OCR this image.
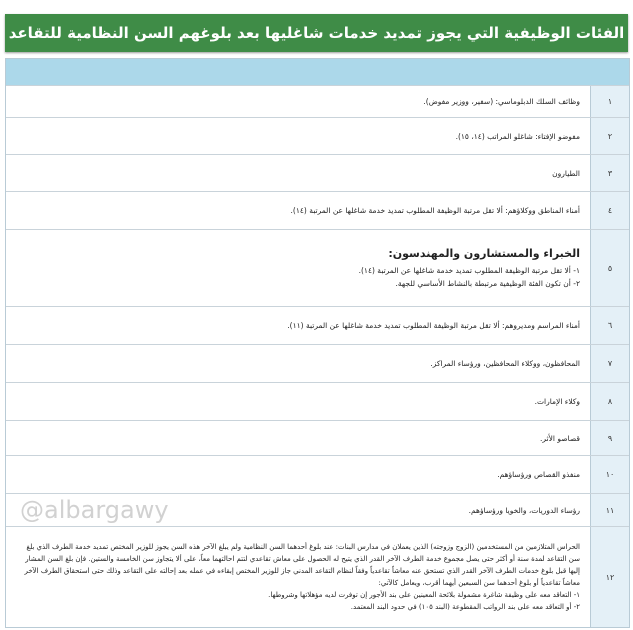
الفئات الوظيفية التي يجوز تمديد خدمات شاغليها بعد بلوغهم السن النظامية للتقاعد
١
وظائف السلك الدبلوماسي: (سفير، ووزير مفوض).
٢
مفوضو الإفتاء: شاغلو المراتب (١٤، ١٥).
٣
الطيارون
٤
أمناء المناطق ووكلاؤهم: ألا تقل مرتبة الوظيفة المطلوب تمديد خدمة شاغلها عن المرتبة (١٤).
٥

الخبراء والمستشارون والمهندسون:

١- ألا تقل مرتبة الوظيفة المطلوب تمديد خدمة شاغلها عن المرتبة (١٤).

٢- أن تكون الفئة الوظيفية مرتبطة بالنشاط الأساسي للجهة.

٦
أمناء المراسم ومديروهم: ألا تقل مرتبة الوظيفة المطلوب تمديد خدمة شاغلها عن المرتبة (١١).
٧
المحافظون، ووكلاء المحافظين، ورؤساء المراكز.
٨
وكلاء الإمارات.
٩
قصاصو الأثر.
١٠
منفذو القصاص ورؤساؤهم.
١١
رؤساء الدوريات، والخويا ورؤساؤهم.
@albargawy
١٢

الحراس المتلازمين من المستخدمين (الزوج وزوجته) الذين يعملان في مدارس البنات: عند بلوغ أحدهما السن النظامية ولم يبلغ الآخر هذه السن يجوز للوزير المختص تمديد خدمة الطرف الذي بلغ سن التقاعد لمدة سنة أو أكثر حتى يصل مجموع خدمة الطرف الآخر القدر الذي يتيح له الحصول على معاش تقاعدي لتتم احالتهما معاً، على ألا يتجاوز سن الخامسة والستين. فإن بلغ السن المشار إليها قبل بلوغ خدمات الطرف الآخر القدر الذي تستحق عنه معاشاً تقاعدياً وفقاً لنظام التقاعد المدني جاز للوزير المختص إبقاءه في عمله بعد إحالته على التقاعد وذلك حتى استحقاق الطرف الآخر معاشاً تقاعدياً أو بلوغ أحدهما سن السبعين أيهما أقرب، ويعامل كالآتي:

١- التعاقد معه على وظيفة شاغرة مشمولة بلائحة المعينين على بند الأجور إن توفرت لديه مؤهلاتها وشروطها.

٢- أو التعاقد معه على بند الرواتب المقطوعة (البند ١٠٥) في حدود البند المعتمد.
